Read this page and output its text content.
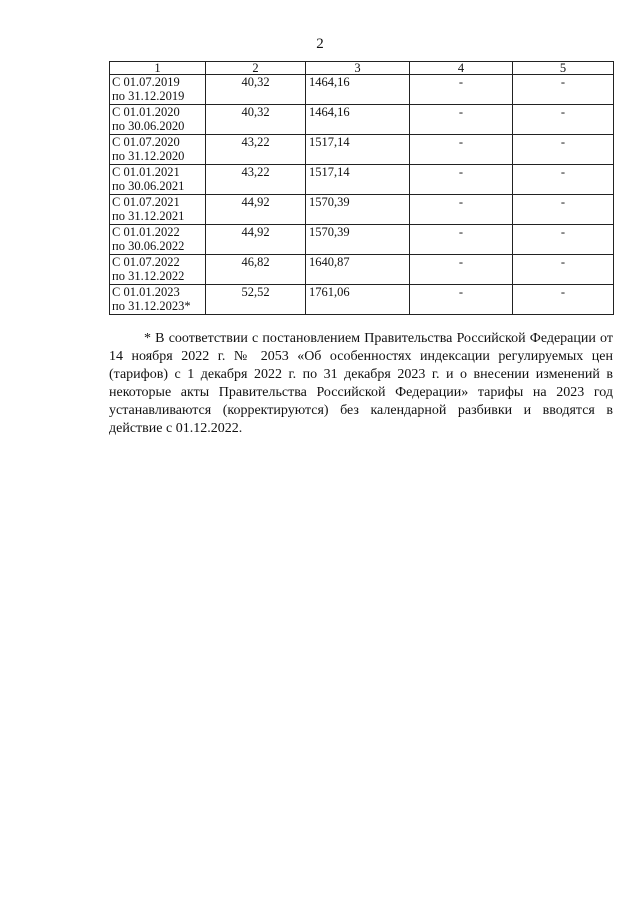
2
1	2	3	4	5
С 01.07.2019
по 31.12.2019	40,32	1464,16	-	-
С 01.01.2020
по 30.06.2020	40,32	1464,16	-	-
С 01.07.2020
по 31.12.2020	43,22	1517,14	-	-
С 01.01.2021
по 30.06.2021	43,22	1517,14	-	-
С 01.07.2021
по 31.12.2021	44,92	1570,39	-	-
С 01.01.2022
по 30.06.2022	44,92	1570,39	-	-
С 01.07.2022
по 31.12.2022	46,82	1640,87	-	-
С 01.01.2023
по 31.12.2023*	52,52	1761,06	-	-

* В соответствии с постановлением Правительства Российской Федерации от 14 ноября 2022 г. № 2053 «Об особенностях индексации регулируемых цен (тарифов) с 1 декабря 2022 г. по 31 декабря 2023 г. и о внесении изменений в некоторые акты Правительства Российской Федерации» тарифы на 2023 год устанавливаются (корректируются) без календарной разбивки и вводятся в действие с 01.12.2022.
